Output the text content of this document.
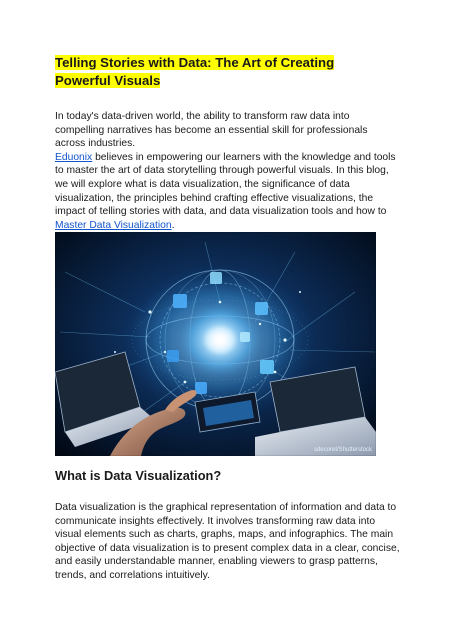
Telling Stories with Data: The Art of Creating Powerful Visuals

In today's data-driven world, the ability to transform raw data into compelling narratives has become an essential skill for professionals across industries.
Eduonix believes in empowering our learners with the knowledge and tools to master the art of data storytelling through powerful visuals. In this blog, we will explore what is data visualization, the significance of data visualization, the principles behind crafting effective visualizations, the impact of telling stories with data, and data visualization tools and how to Master Data Visualization.

sdecoret/Shutterstock
What is Data Visualization?

Data visualization is the graphical representation of information and data to communicate insights effectively. It involves transforming raw data into visual elements such as charts, graphs, maps, and infographics. The main objective of data visualization is to present complex data in a clear, concise, and easily understandable manner, enabling viewers to grasp patterns, trends, and correlations intuitively.
